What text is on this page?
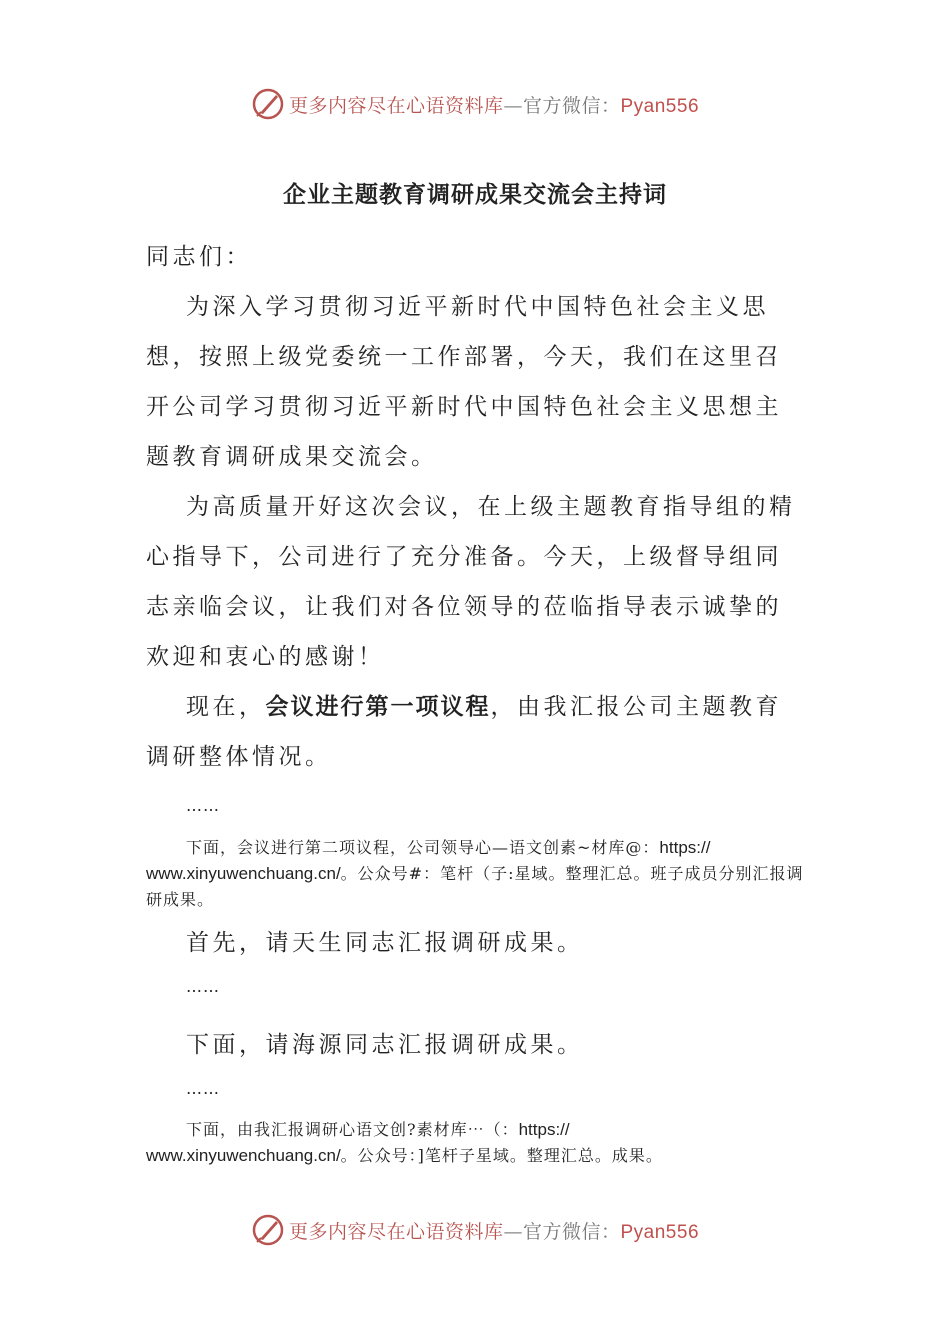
更多内容尽在心语资料库—官方微信：Pyan556
企业主题教育调研成果交流会主持词

同志们：

为深入学习贯彻习近平新时代中国特色社会主义思想，按照上级党委统一工作部署，今天，我们在这里召开公司学习贯彻习近平新时代中国特色社会主义思想主题教育调研成果交流会。

为高质量开好这次会议，在上级主题教育指导组的精心指导下，公司进行了充分准备。今天，上级督导组同志亲临会议，让我们对各位领导的莅临指导表示诚挚的欢迎和衷心的感谢！

现在，会议进行第一项议程，由我汇报公司主题教育调研整体情况。

……
下面，会议进行第二项议程，公司领导心—语文创素~材库@：https://
www.xinyuwenchuang.cn/。公众号#：笔杆（子:星域。整理汇总。班子成员分别汇报调研成果。
首先，请天生同志汇报调研成果。
……
下面，请海源同志汇报调研成果。
……
下面，由我汇报调研心语文创?素材库⋯（：https://
www.xinyuwenchuang.cn/。公众号：]笔杆子星域。整理汇总。成果。
更多内容尽在心语资料库—官方微信：Pyan556
